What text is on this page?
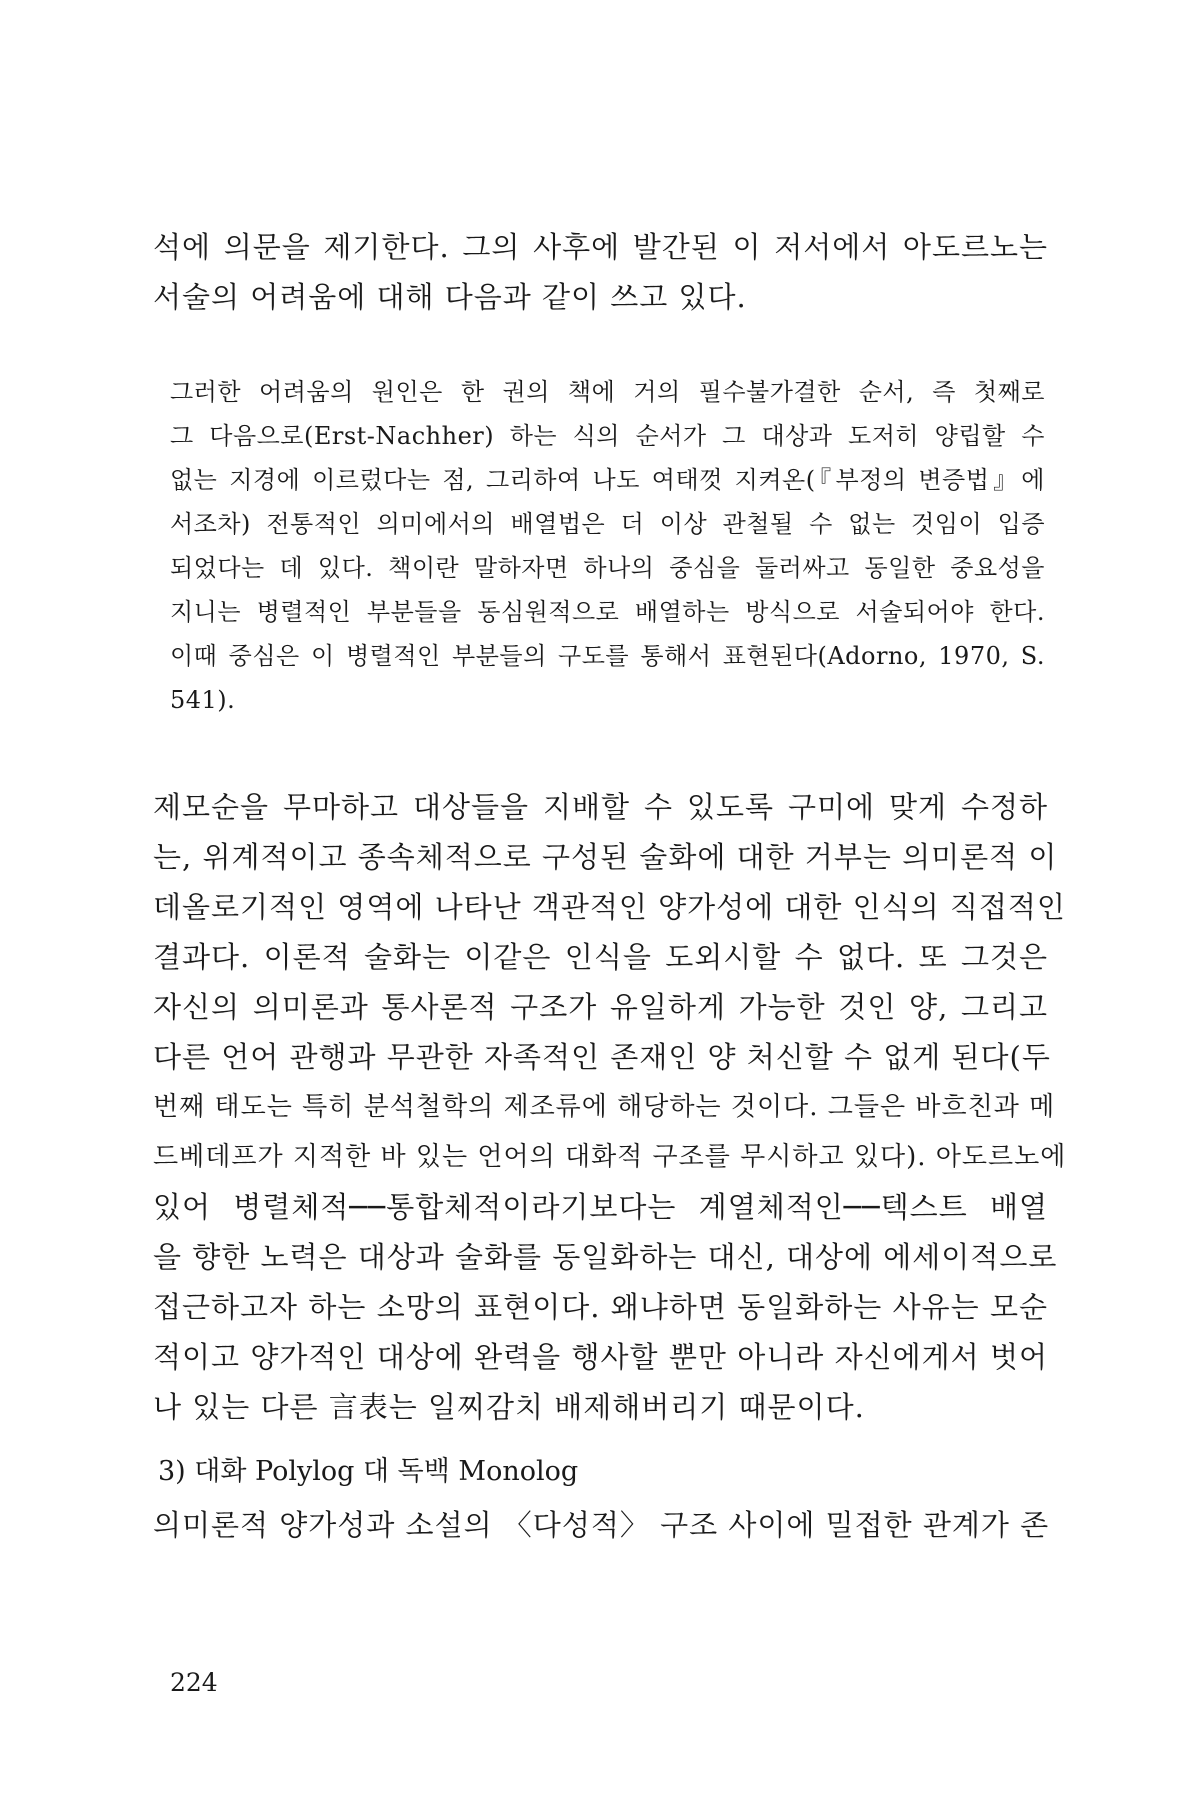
석에 의문을 제기한다. 그의 사후에 발간된 이 저서에서 아도르노는
서술의 어려움에 대해 다음과 같이 쓰고 있다.
그러한 어려움의 원인은 한 권의 책에 거의 필수불가결한 순서, 즉 첫째로
그 다음으로(Erst-Nachher) 하는 식의 순서가 그 대상과 도저히 양립할 수
없는 지경에 이르렀다는 점, 그리하여 나도 여태껏 지켜온(『부정의 변증법』에
서조차) 전통적인 의미에서의 배열법은 더 이상 관철될 수 없는 것임이 입증
되었다는 데 있다. 책이란 말하자면 하나의 중심을 둘러싸고 동일한 중요성을
지니는 병렬적인 부분들을 동심원적으로 배열하는 방식으로 서술되어야 한다.
이때 중심은 이 병렬적인 부분들의 구도를 통해서 표현된다(Adorno, 1970, S.
541).
제모순을 무마하고 대상들을 지배할 수 있도록 구미에 맞게 수정하
는, 위계적이고 종속체적으로 구성된 술화에 대한 거부는 의미론적 이
데올로기적인 영역에 나타난 객관적인 양가성에 대한 인식의 직접적인
결과다. 이론적 술화는 이같은 인식을 도외시할 수 없다. 또 그것은
자신의 의미론과 통사론적 구조가 유일하게 가능한 것인 양, 그리고
다른 언어 관행과 무관한 자족적인 존재인 양 처신할 수 없게 된다(두
번째 태도는 특히 분석철학의 제조류에 해당하는 것이다. 그들은 바흐친과 메
드베데프가 지적한 바 있는 언어의 대화적 구조를 무시하고 있다). 아도르노에
있어 병렬체적──통합체적이라기보다는 계열체적인──텍스트 배열
을 향한 노력은 대상과 술화를 동일화하는 대신, 대상에 에세이적으로
접근하고자 하는 소망의 표현이다. 왜냐하면 동일화하는 사유는 모순
적이고 양가적인 대상에 완력을 행사할 뿐만 아니라 자신에게서 벗어
나 있는 다른 言表는 일찌감치 배제해버리기 때문이다.
3) 대화 Polylog 대 독백 Monolog
의미론적 양가성과 소설의 〈다성적〉 구조 사이에 밀접한 관계가 존
224
